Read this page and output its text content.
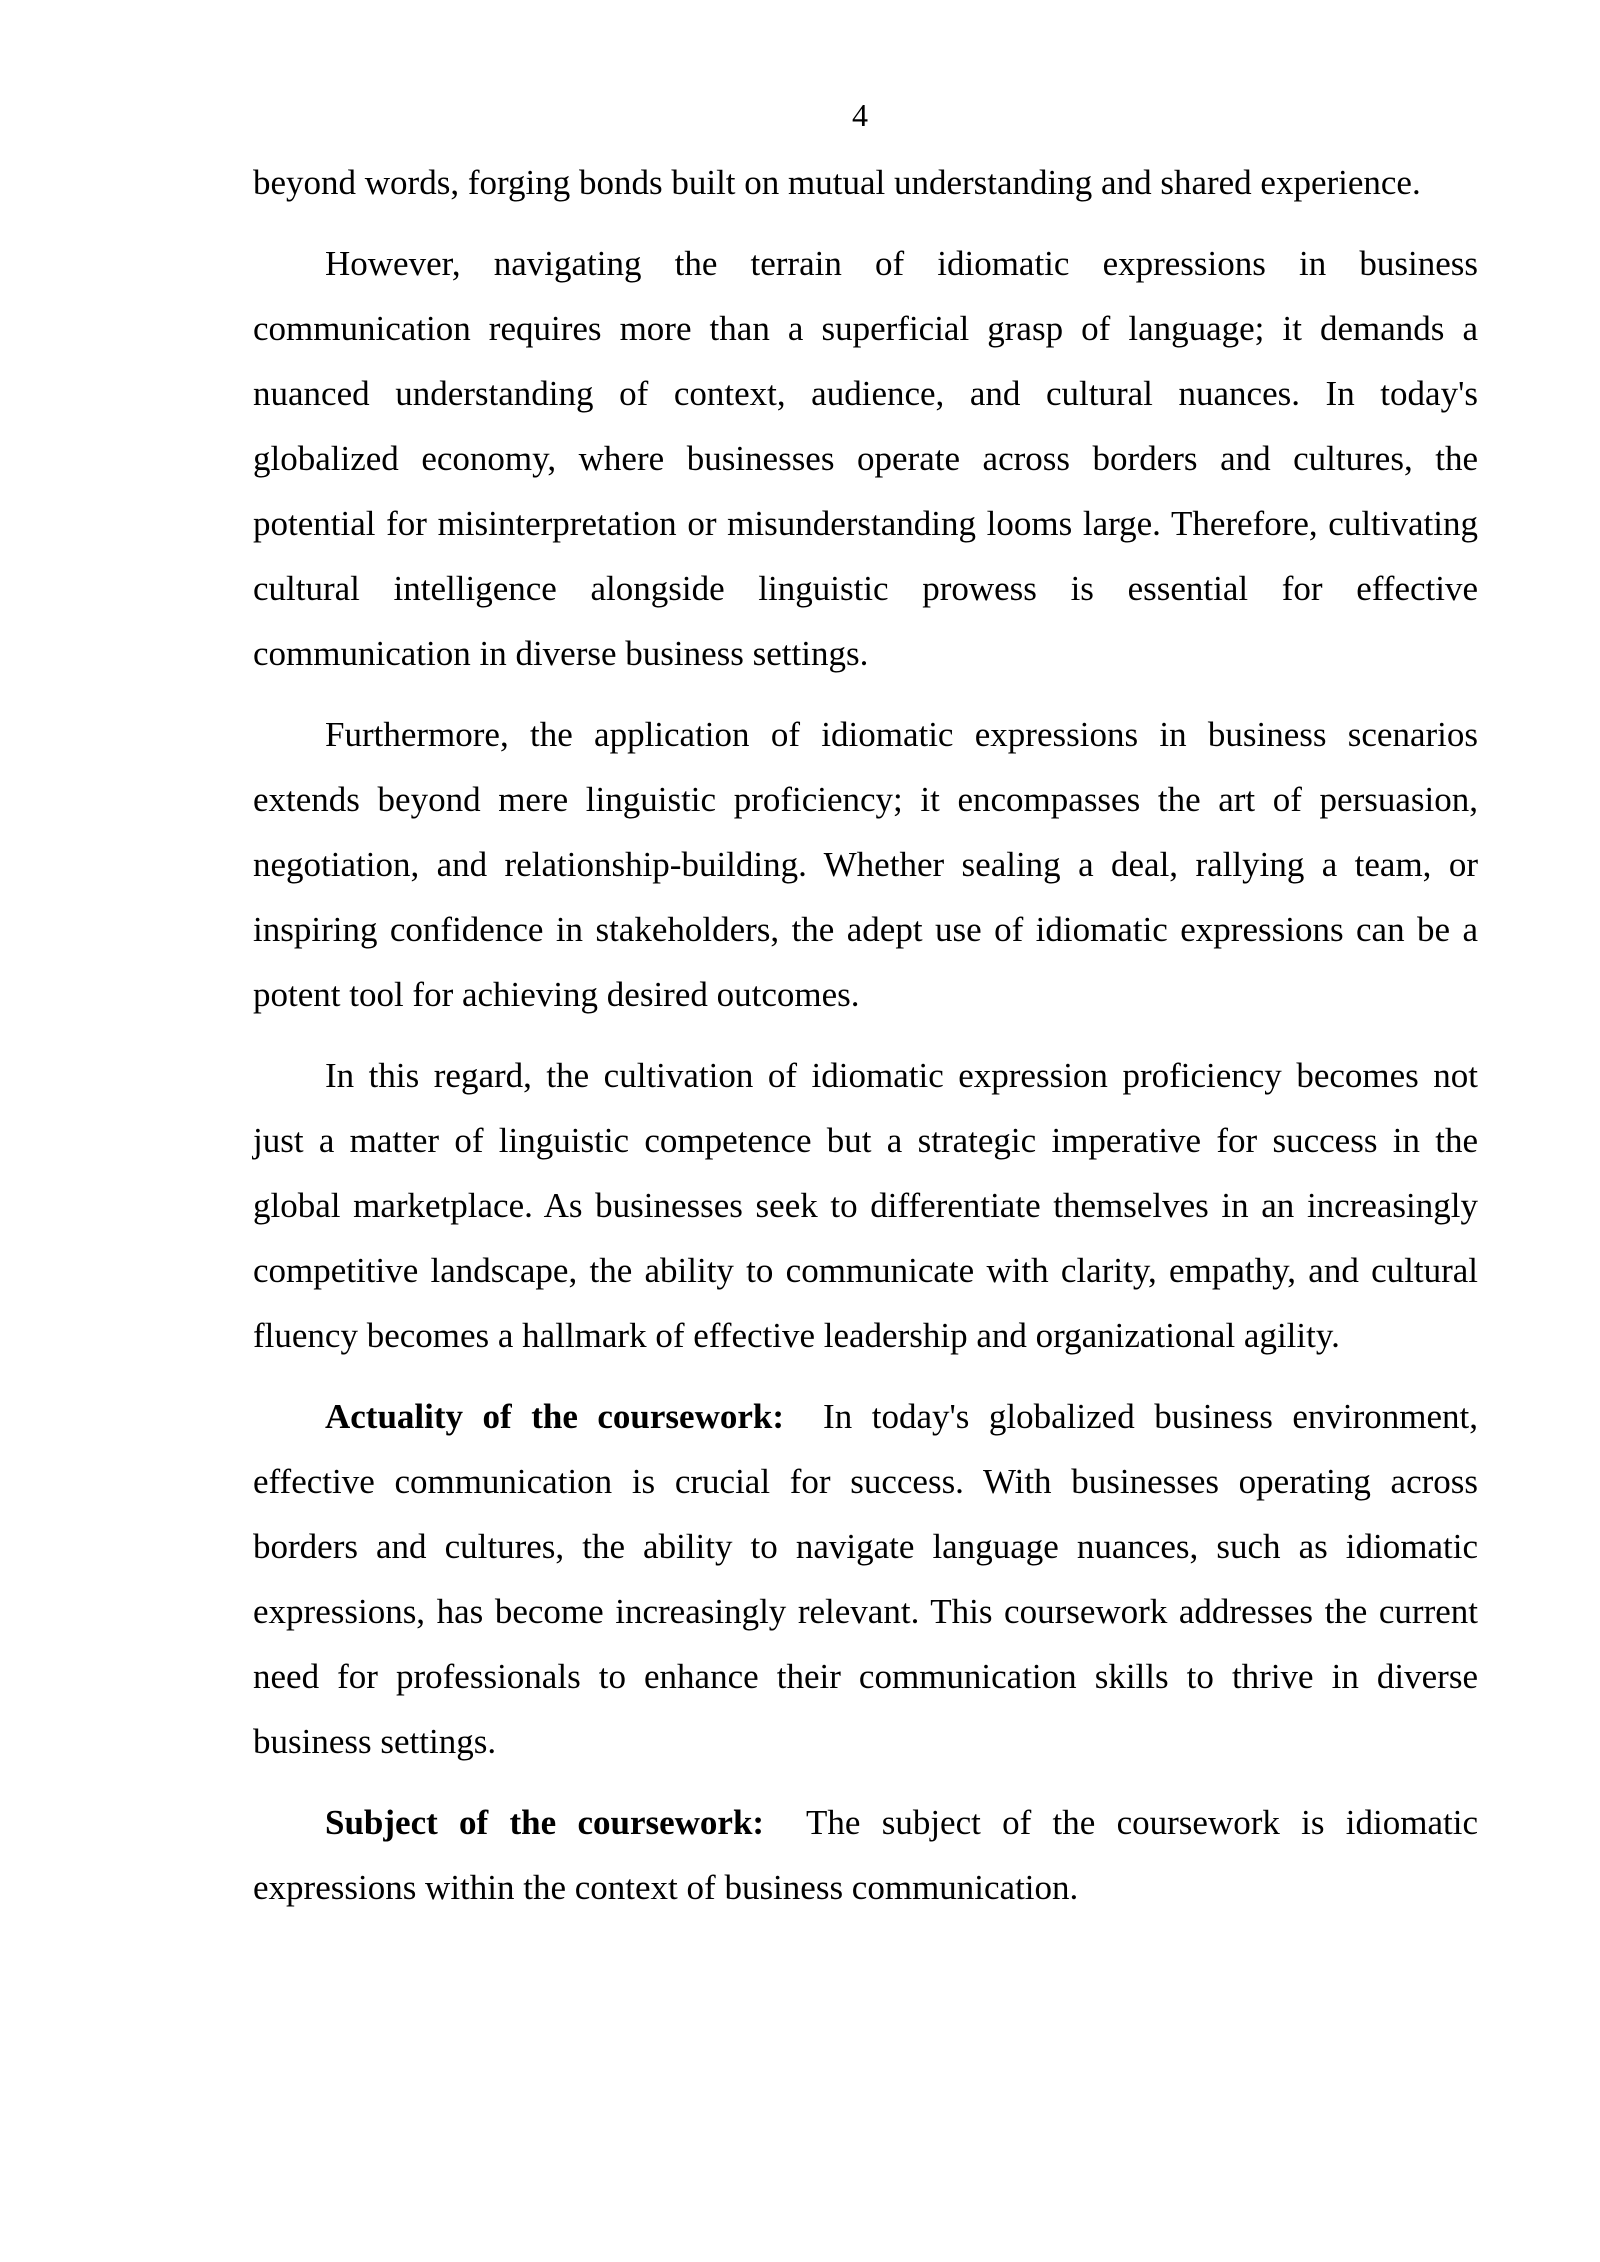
4

beyond words, forging bonds built on mutual understanding and shared experience.

However, navigating the terrain of idiomatic expressions in business communication requires more than a superficial grasp of language; it demands a nuanced understanding of context, audience, and cultural nuances. In today's globalized economy, where businesses operate across borders and cultures, the potential for misinterpretation or misunderstanding looms large. Therefore, cultivating cultural intelligence alongside linguistic prowess is essential for effective communication in diverse business settings.

Furthermore, the application of idiomatic expressions in business scenarios extends beyond mere linguistic proficiency; it encompasses the art of persuasion, negotiation, and relationship-building. Whether sealing a deal, rallying a team, or inspiring confidence in stakeholders, the adept use of idiomatic expressions can be a potent tool for achieving desired outcomes.

In this regard, the cultivation of idiomatic expression proficiency becomes not just a matter of linguistic competence but a strategic imperative for success in the global marketplace. As businesses seek to differentiate themselves in an increasingly competitive landscape, the ability to communicate with clarity, empathy, and cultural fluency becomes a hallmark of effective leadership and organizational agility.

Actuality of the coursework: In today's globalized business environment, effective communication is crucial for success. With businesses operating across borders and cultures, the ability to navigate language nuances, such as idiomatic expressions, has become increasingly relevant. This coursework addresses the current need for professionals to enhance their communication skills to thrive in diverse business settings.

Subject of the coursework: The subject of the coursework is idiomatic expressions within the context of business communication.
